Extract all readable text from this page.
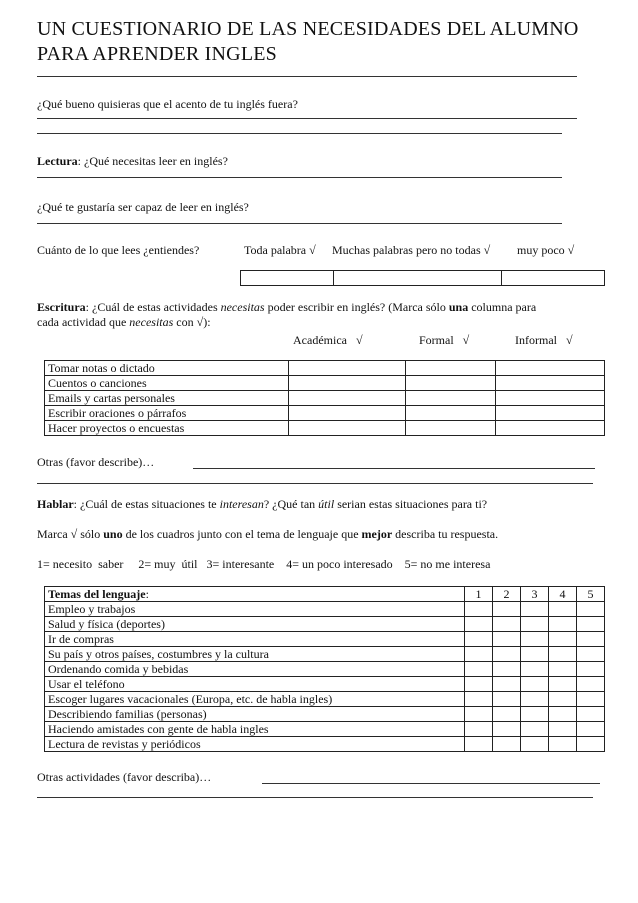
UN CUESTIONARIO DE LAS NECESIDADES DEL ALUMNO
PARA APRENDER INGLES
¿Qué bueno quisieras que el acento de tu inglés fuera?
Lectura: ¿Qué necesitas leer en inglés?
¿Qué te gustaría ser capaz de leer en inglés?
Cuánto de lo que lees ¿entiendes?	Toda palabra √ Muchas palabras pero no todas √ muy poco √

Escritura: ¿Cuál de estas actividades necesitas poder escribir en inglés? (Marca sólo una columna para
cada actividad que necesitas con √):
Académica √	Formal √	Informal √
Tomar notas o dictado			
Cuentos o canciones			
Emails y cartas personales			
Escribir oraciones o párrafos			
Hacer proyectos o encuestas			
Otras (favor describe)…
Hablar: ¿Cuál de estas situaciones te interesan? ¿Qué tan útil serian estas situaciones para ti?
Marca √ sólo uno de los cuadros junto con el tema de lenguaje que mejor describa tu respuesta.
1= necesito  saber     2= muy  útil   3= interesante    4= un poco interesado    5= no me interesa
Temas del lenguaje:	1	2	3	4	5
Empleo y trabajos					
Salud y física (deportes)					
Ir de compras					
Su país y otros países, costumbres y la cultura					
Ordenando comida y bebidas					
Usar el teléfono					
Escoger lugares vacacionales (Europa, etc. de habla ingles)					
Describiendo familias (personas)					
Haciendo amistades con gente de habla ingles					
Lectura de revistas y periódicos					
Otras actividades (favor describa)…
